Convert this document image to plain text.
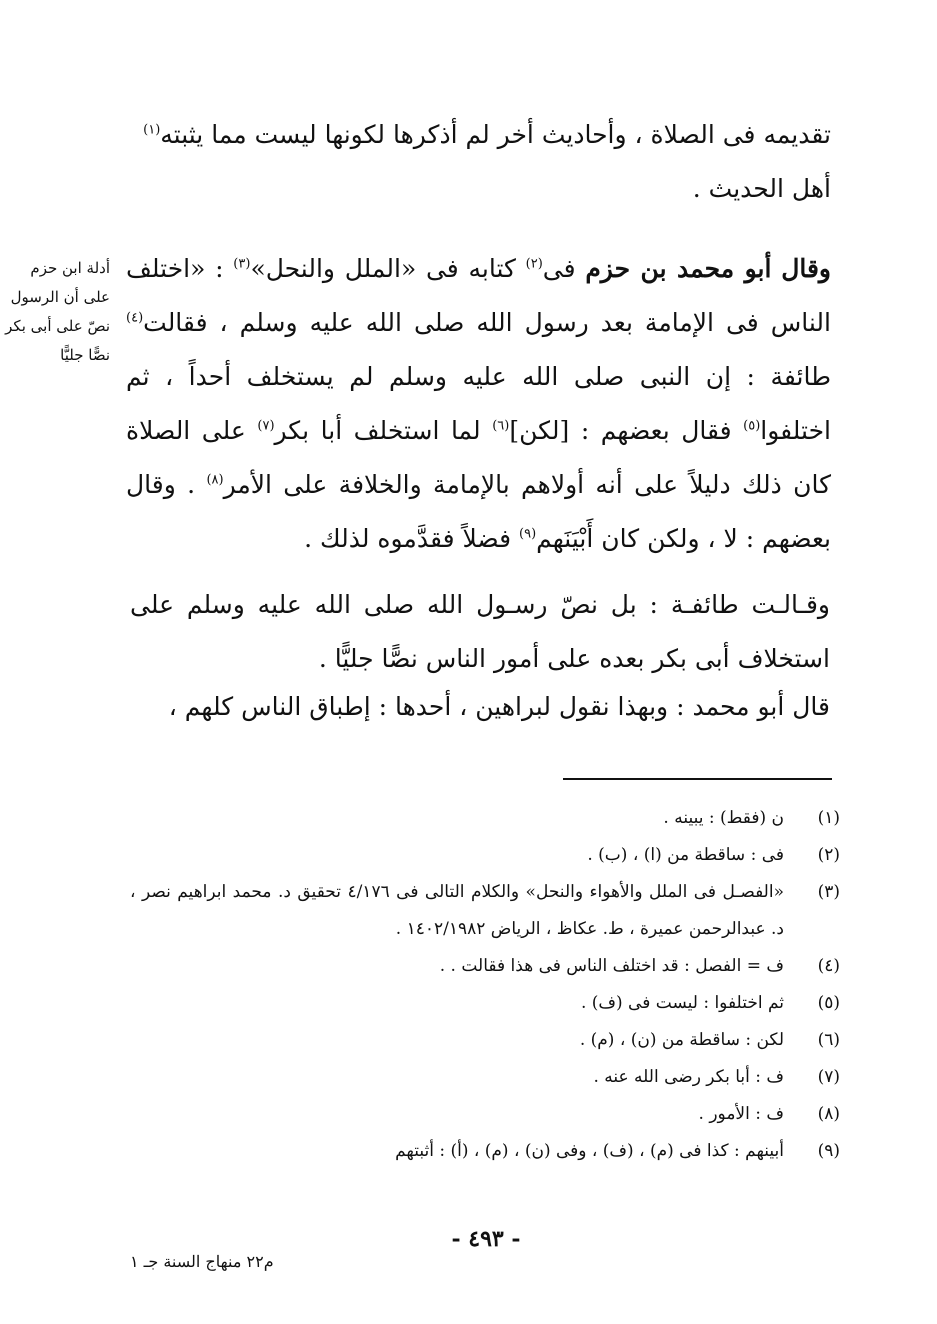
تقديمه فى الصلاة ، وأحاديث أخر لم أذكرها لكونها ليست مما يثبته$^{(١)}$
أهل الحديث .
وقال أبو محمد بن حزم فى$^{(٢)}$ كتابه فى «الملل والنحل»$^{(٣)}$ : «اختلف الناس فى الإمامة بعد رسول الله صلى الله عليه وسلم ، فقالت$^{(٤)}$ طائفة : إن النبى صلى الله عليه وسلم لم يستخلف أحداً ، ثم اختلفوا$^{(٥)}$ فقال بعضهم : [لكن]$^{(٦)}$ لما استخلف أبا بكر$^{(٧)}$ على الصلاة كان ذلك دليلاً على أنه أولاهم بالإمامة والخلافة على الأمر$^{(٨)}$ . وقال بعضهم : لا ، ولكن كان أَبْيَنَهم$^{(٩)}$ فضلاً فقدَّموه لذلك .
أدلة ابن حزم على أن الرسول نصّ على أبى بكر نصًّا جليًّا
وقـالـت طائفـة : بل نصّ رسـول الله صلى الله عليه وسلم على استخلاف أبى بكر بعده على أمور الناس نصًّا جليًّا .
قال أبو محمد : وبهذا نقول لبراهين ، أحدها : إطباق الناس كلهم ،
(١)
ن (فقط) : يبينه .
(٢)
فى : ساقطة من (ا) ، (ب) .
(٣)
«الفصـل فى الملل والأهواء والنحل» والكلام التالى فى ٤/١٧٦ تحقيق د. محمد ابراهيم نصر ، د. عبدالرحمن عميرة ، ط. عكاظ ، الرياض ١٤٠٢/١٩٨٢ .
(٤)
ف = الفصل : قد اختلف الناس فى هذا فقالت . .
(٥)
ثم اختلفوا : ليست فى (ف) .
(٦)
لكن : ساقطة من (ن) ، (م) .
(٧)
ف : أبا بكر رضى الله عنه .
(٨)
ف : الأمور .
(٩)
أبينهم : كذا فى (م) ، (ف) ، وفى (ن) ، (م) ، (أ) : أثبتهم
- ٤٩٣ -
م٢٢ منهاج السنة جـ ١
